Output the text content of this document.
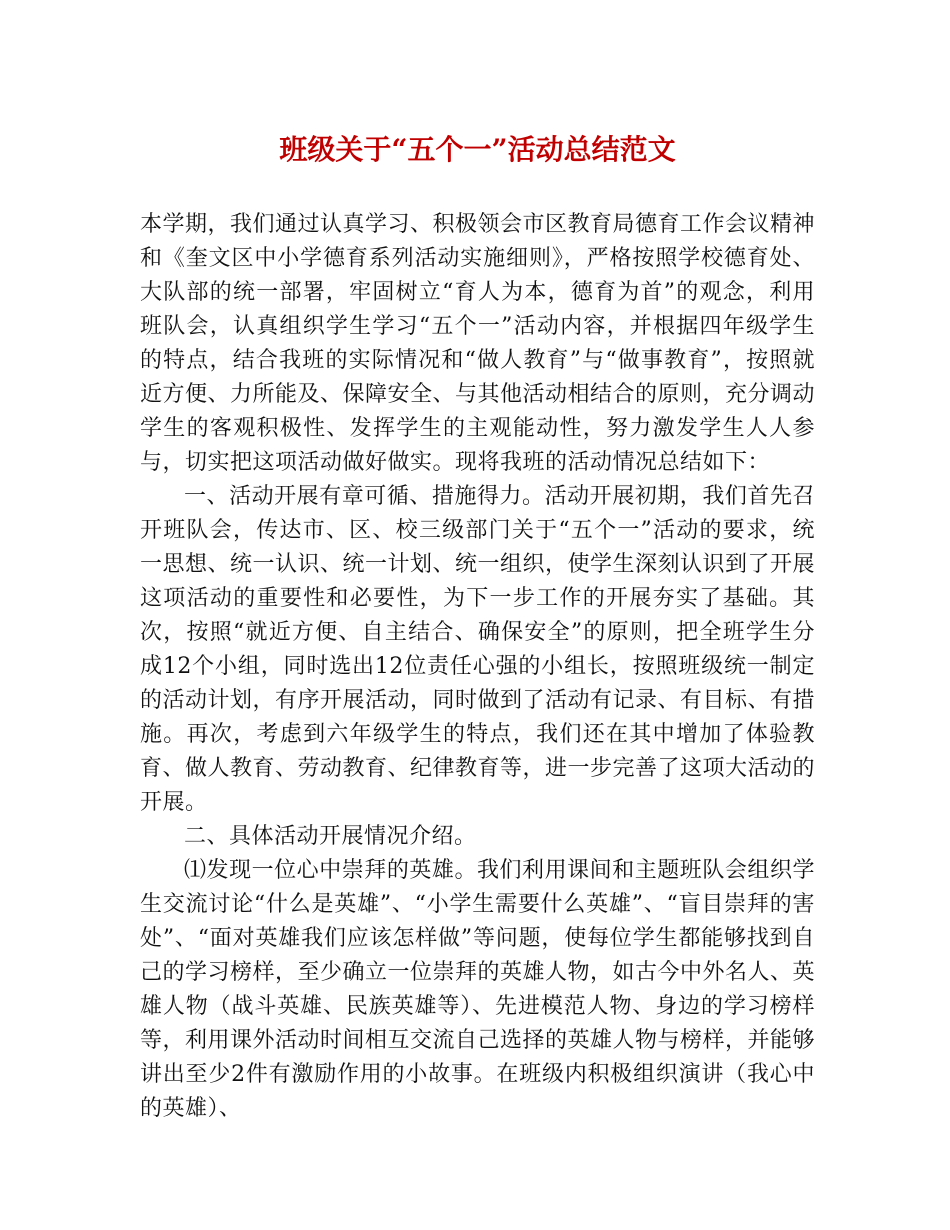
班级关于“五个一”活动总结范文

本学期，我们通过认真学习、积极领会市区教育局德育工作会议精神和《奎文区中小学德育系列活动实施细则》，严格按照学校德育处、大队部的统一部署，牢固树立“育人为本，德育为首”的观念，利用班队会，认真组织学生学习“五个一”活动内容，并根据四年级学生的特点，结合我班的实际情况和“做人教育”与“做事教育”，按照就近方便、力所能及、保障安全、与其他活动相结合的原则，充分调动学生的客观积极性、发挥学生的主观能动性，努力激发学生人人参与，切实把这项活动做好做实。现将我班的活动情况总结如下：

一、活动开展有章可循、措施得力。活动开展初期，我们首先召开班队会，传达市、区、校三级部门关于“五个一”活动的要求，统一思想、统一认识、统一计划、统一组织，使学生深刻认识到了开展这项活动的重要性和必要性，为下一步工作的开展夯实了基础。其次，按照“就近方便、自主结合、确保安全”的原则，把全班学生分成12个小组，同时选出12位责任心强的小组长，按照班级统一制定的活动计划，有序开展活动，同时做到了活动有记录、有目标、有措施。再次，考虑到六年级学生的特点，我们还在其中增加了体验教育、做人教育、劳动教育、纪律教育等，进一步完善了这项大活动的开展。

二、具体活动开展情况介绍。

⑴发现一位心中崇拜的英雄。我们利用课间和主题班队会组织学生交流讨论“什么是英雄”、“小学生需要什么英雄”、“盲目崇拜的害处”、“面对英雄我们应该怎样做”等问题，使每位学生都能够找到自己的学习榜样，至少确立一位崇拜的英雄人物，如古今中外名人、英雄人物（战斗英雄、民族英雄等）、先进模范人物、身边的学习榜样等，利用课外活动时间相互交流自己选择的英雄人物与榜样，并能够讲出至少2件有激励作用的小故事。在班级内积极组织演讲（我心中的英雄）、
